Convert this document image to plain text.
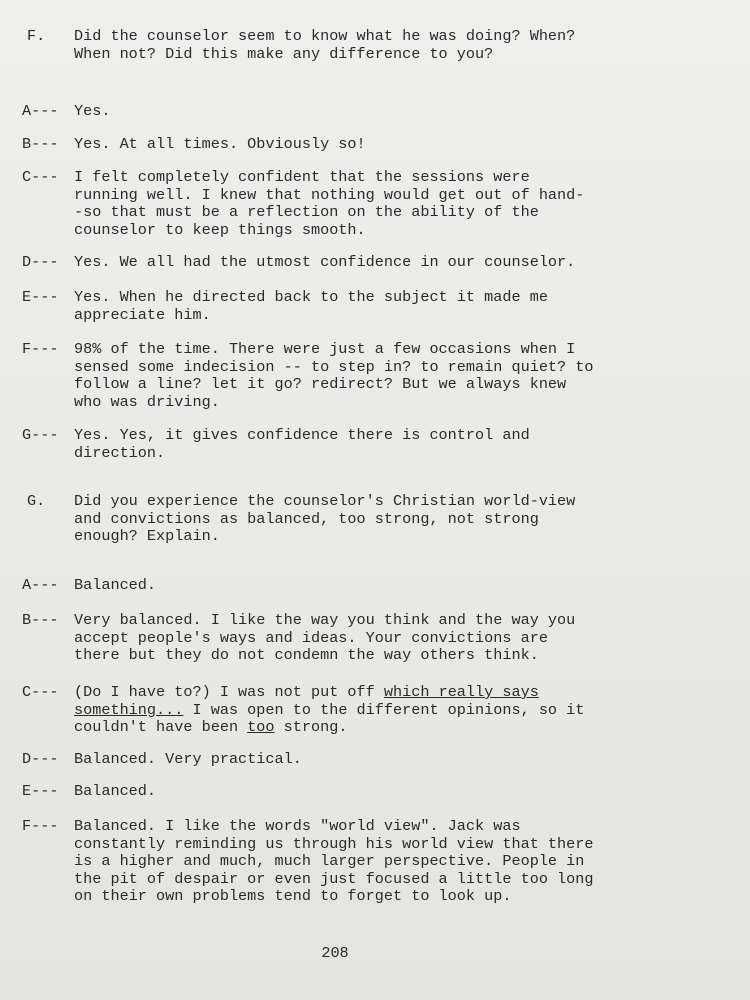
F. Did the counselor seem to know what he was doing? When?
When not? Did this make any difference to you?
A--- Yes.
B--- Yes. At all times. Obviously so!
C--- I felt completely confident that the sessions were
running well. I knew that nothing would get out of hand-
-so that must be a reflection on the ability of the
counselor to keep things smooth.
D--- Yes. We all had the utmost confidence in our counselor.
E--- Yes. When he directed back to the subject it made me
appreciate him.
F--- 98% of the time. There were just a few occasions when I
sensed some indecision -- to step in? to remain quiet? to
follow a line? let it go? redirect? But we always knew
who was driving.
G--- Yes. Yes, it gives confidence there is control and
direction.
G. Did you experience the counselor's Christian world-view
and convictions as balanced, too strong, not strong
enough? Explain.
A--- Balanced.
B--- Very balanced. I like the way you think and the way you
accept people's ways and ideas. Your convictions are
there but they do not condemn the way others think.
C--- (Do I have to?) I was not put off which really says
something... I was open to the different opinions, so it
couldn't have been too strong.
D--- Balanced. Very practical.
E--- Balanced.
F--- Balanced. I like the words "world view". Jack was
constantly reminding us through his world view that there
is a higher and much, much larger perspective. People in
the pit of despair or even just focused a little too long
on their own problems tend to forget to look up.
208
